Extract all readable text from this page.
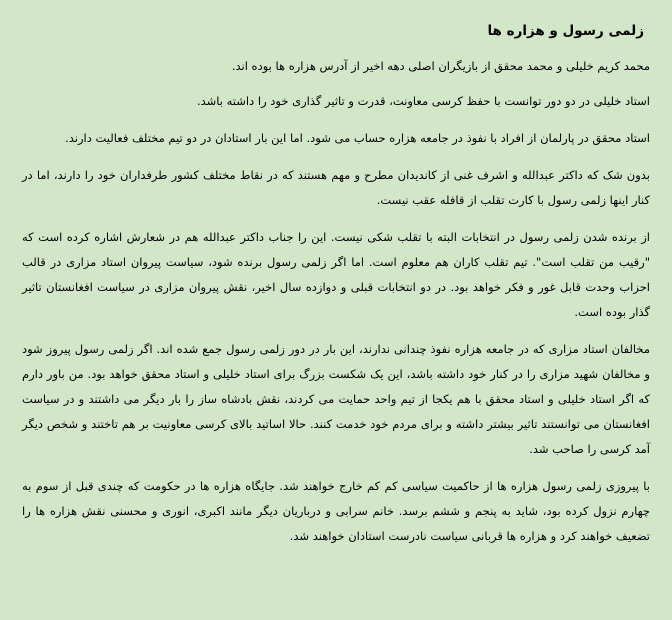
زلمی رسول و هزاره ها

محمد کریم خلیلی و محمد محقق از بازیگران اصلی دهه اخیر از آدرس هزاره ها بوده اند.

استاد خلیلی در دو دور توانست با حفظ کرسی معاونت، قدرت و تاثیر گذاری خود را داشته باشد.

استاد محقق در پارلمان از افراد با نفوذ در جامعه هزاره حساب می شود. اما این بار استادان در دو تیم مختلف فعالیت دارند.

بدون شک که داکتر عبدالله و اشرف غنی از کاندیدان مطرح و مهم هستند که در نقاط مختلف کشور طرفداران خود را دارند، اما در کنار اینها زلمی رسول با کارت تقلب از قافله عقب نیست.

از برنده شدن زلمی رسول در انتخابات البته با تقلب شکی نیست. این را جناب داکتر عبدالله هم در شعارش اشاره کرده است که "رقیب من تقلب است". تیم تقلب کاران هم معلوم است. اما اگر زلمی رسول برنده شود، سیاست پیروان استاد مزاری در قالب احزاب وحدت قابل غور و فکر خواهد بود. در دو انتخابات قبلی و دوازده سال اخیر، نقش پیروان مزاری در سیاست افغانستان تاثیر گذار بوده است.

مخالفان استاد مزاری که در جامعه هزاره نفوذ چندانی ندارند، این بار در دور زلمی رسول جمع شده اند. اگر زلمی رسول پیروز شود و مخالفان شهید مزاری را در کنار خود داشته باشد، این یک شکست بزرگ برای استاد خلیلی و استاد محقق خواهد بود. من باور دارم که اگر استاد خلیلی و استاد محقق با هم یکجا از تیم واحد حمایت می کردند، نقش بادشاه ساز را بار دیگر می داشتند و در سیاست افغانستان می توانستند تاثیر بیشتر داشته و برای مردم خود خدمت کنند. حالا اساتید بالای کرسی معاونیت بر هم تاختند و شخص دیگر آمد کرسی را صاحب شد.

با پیروزی زلمی رسول هزاره ها از حاکمیت سیاسی کم کم خارج خواهند شد. جایگاه هزاره ها در حکومت که چندی قبل از سوم به چهارم نزول کرده بود، شاید به پنجم و ششم برسد. خانم سرابی و درباریان دیگر مانند اکبری، انوری و محسنی نقش هزاره ها را تضعیف خواهند کرد و هزاره ها قربانی سیاست نادرست استادان خواهند شد.
